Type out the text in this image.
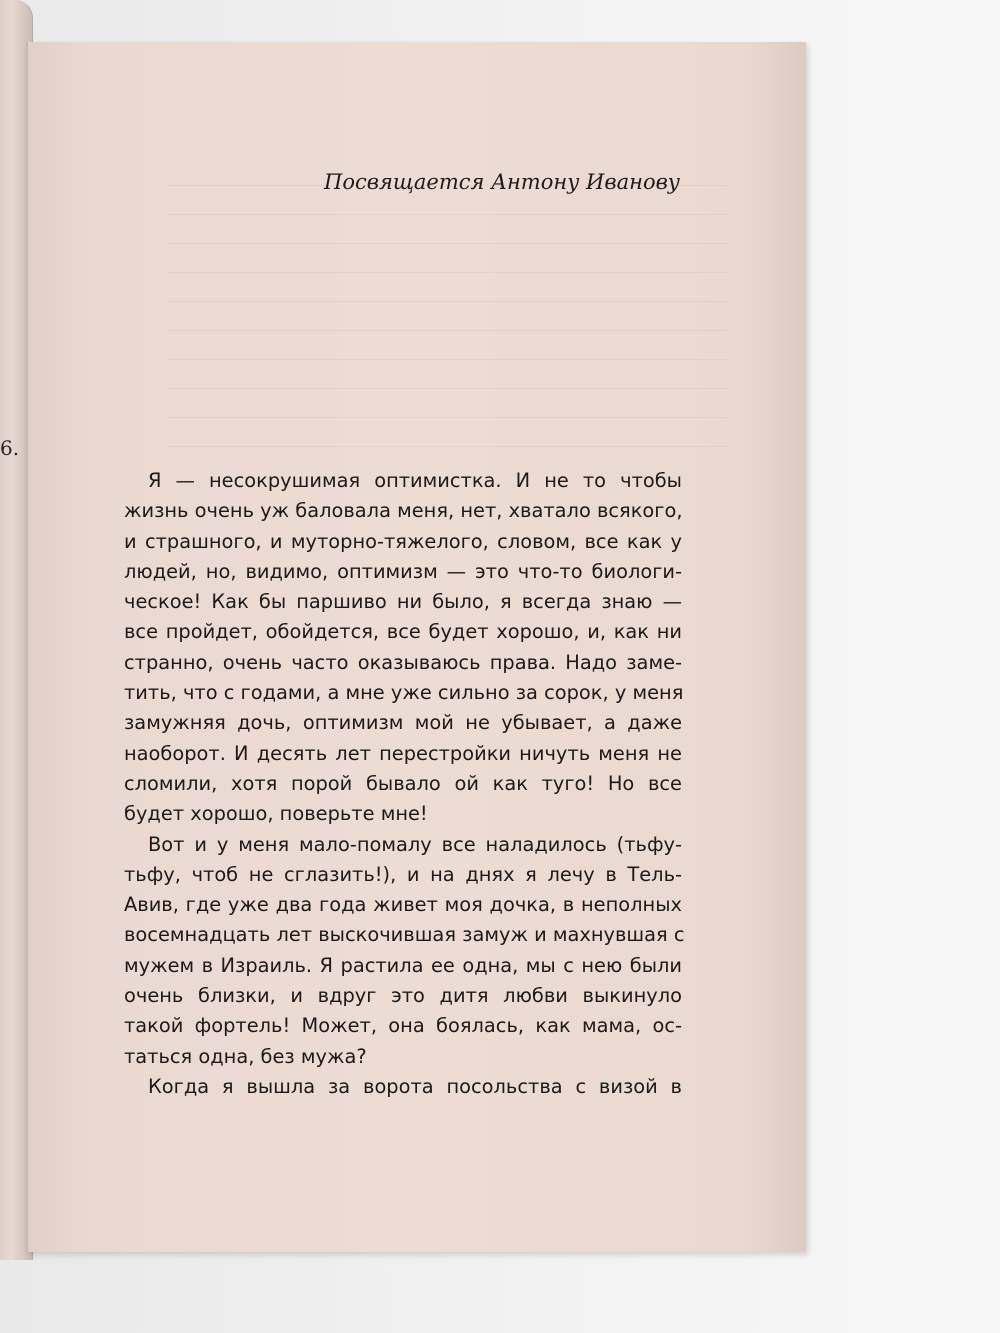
6.
Посвящается Антону Иванову
Я — несокрушимая оптимистка. И не то чтобы
жизнь очень уж баловала меня, нет, хватало всякого,
и страшного, и муторно-тяжелого, словом, все как у
людей, но, видимо, оптимизм — это что-то биологи-
ческое! Как бы паршиво ни было, я всегда знаю —
все пройдет, обойдется, все будет хорошо, и, как ни
странно, очень часто оказываюсь права. Надо заме-
тить, что с годами, а мне уже сильно за сорок, у меня
замужняя дочь, оптимизм мой не убывает, а даже
наоборот. И десять лет перестройки ничуть меня не
сломили, хотя порой бывало ой как туго! Но все
будет хорошо, поверьте мне!
Вот и у меня мало-помалу все наладилось (тьфу-
тьфу, чтоб не сглазить!), и на днях я лечу в Тель-
Авив, где уже два года живет моя дочка, в неполных
восемнадцать лет выскочившая замуж и махнувшая с
мужем в Израиль. Я растила ее одна, мы с нею были
очень близки, и вдруг это дитя любви выкинуло
такой фортель! Может, она боялась, как мама, ос-
таться одна, без мужа?
Когда я вышла за ворота посольства с визой в
